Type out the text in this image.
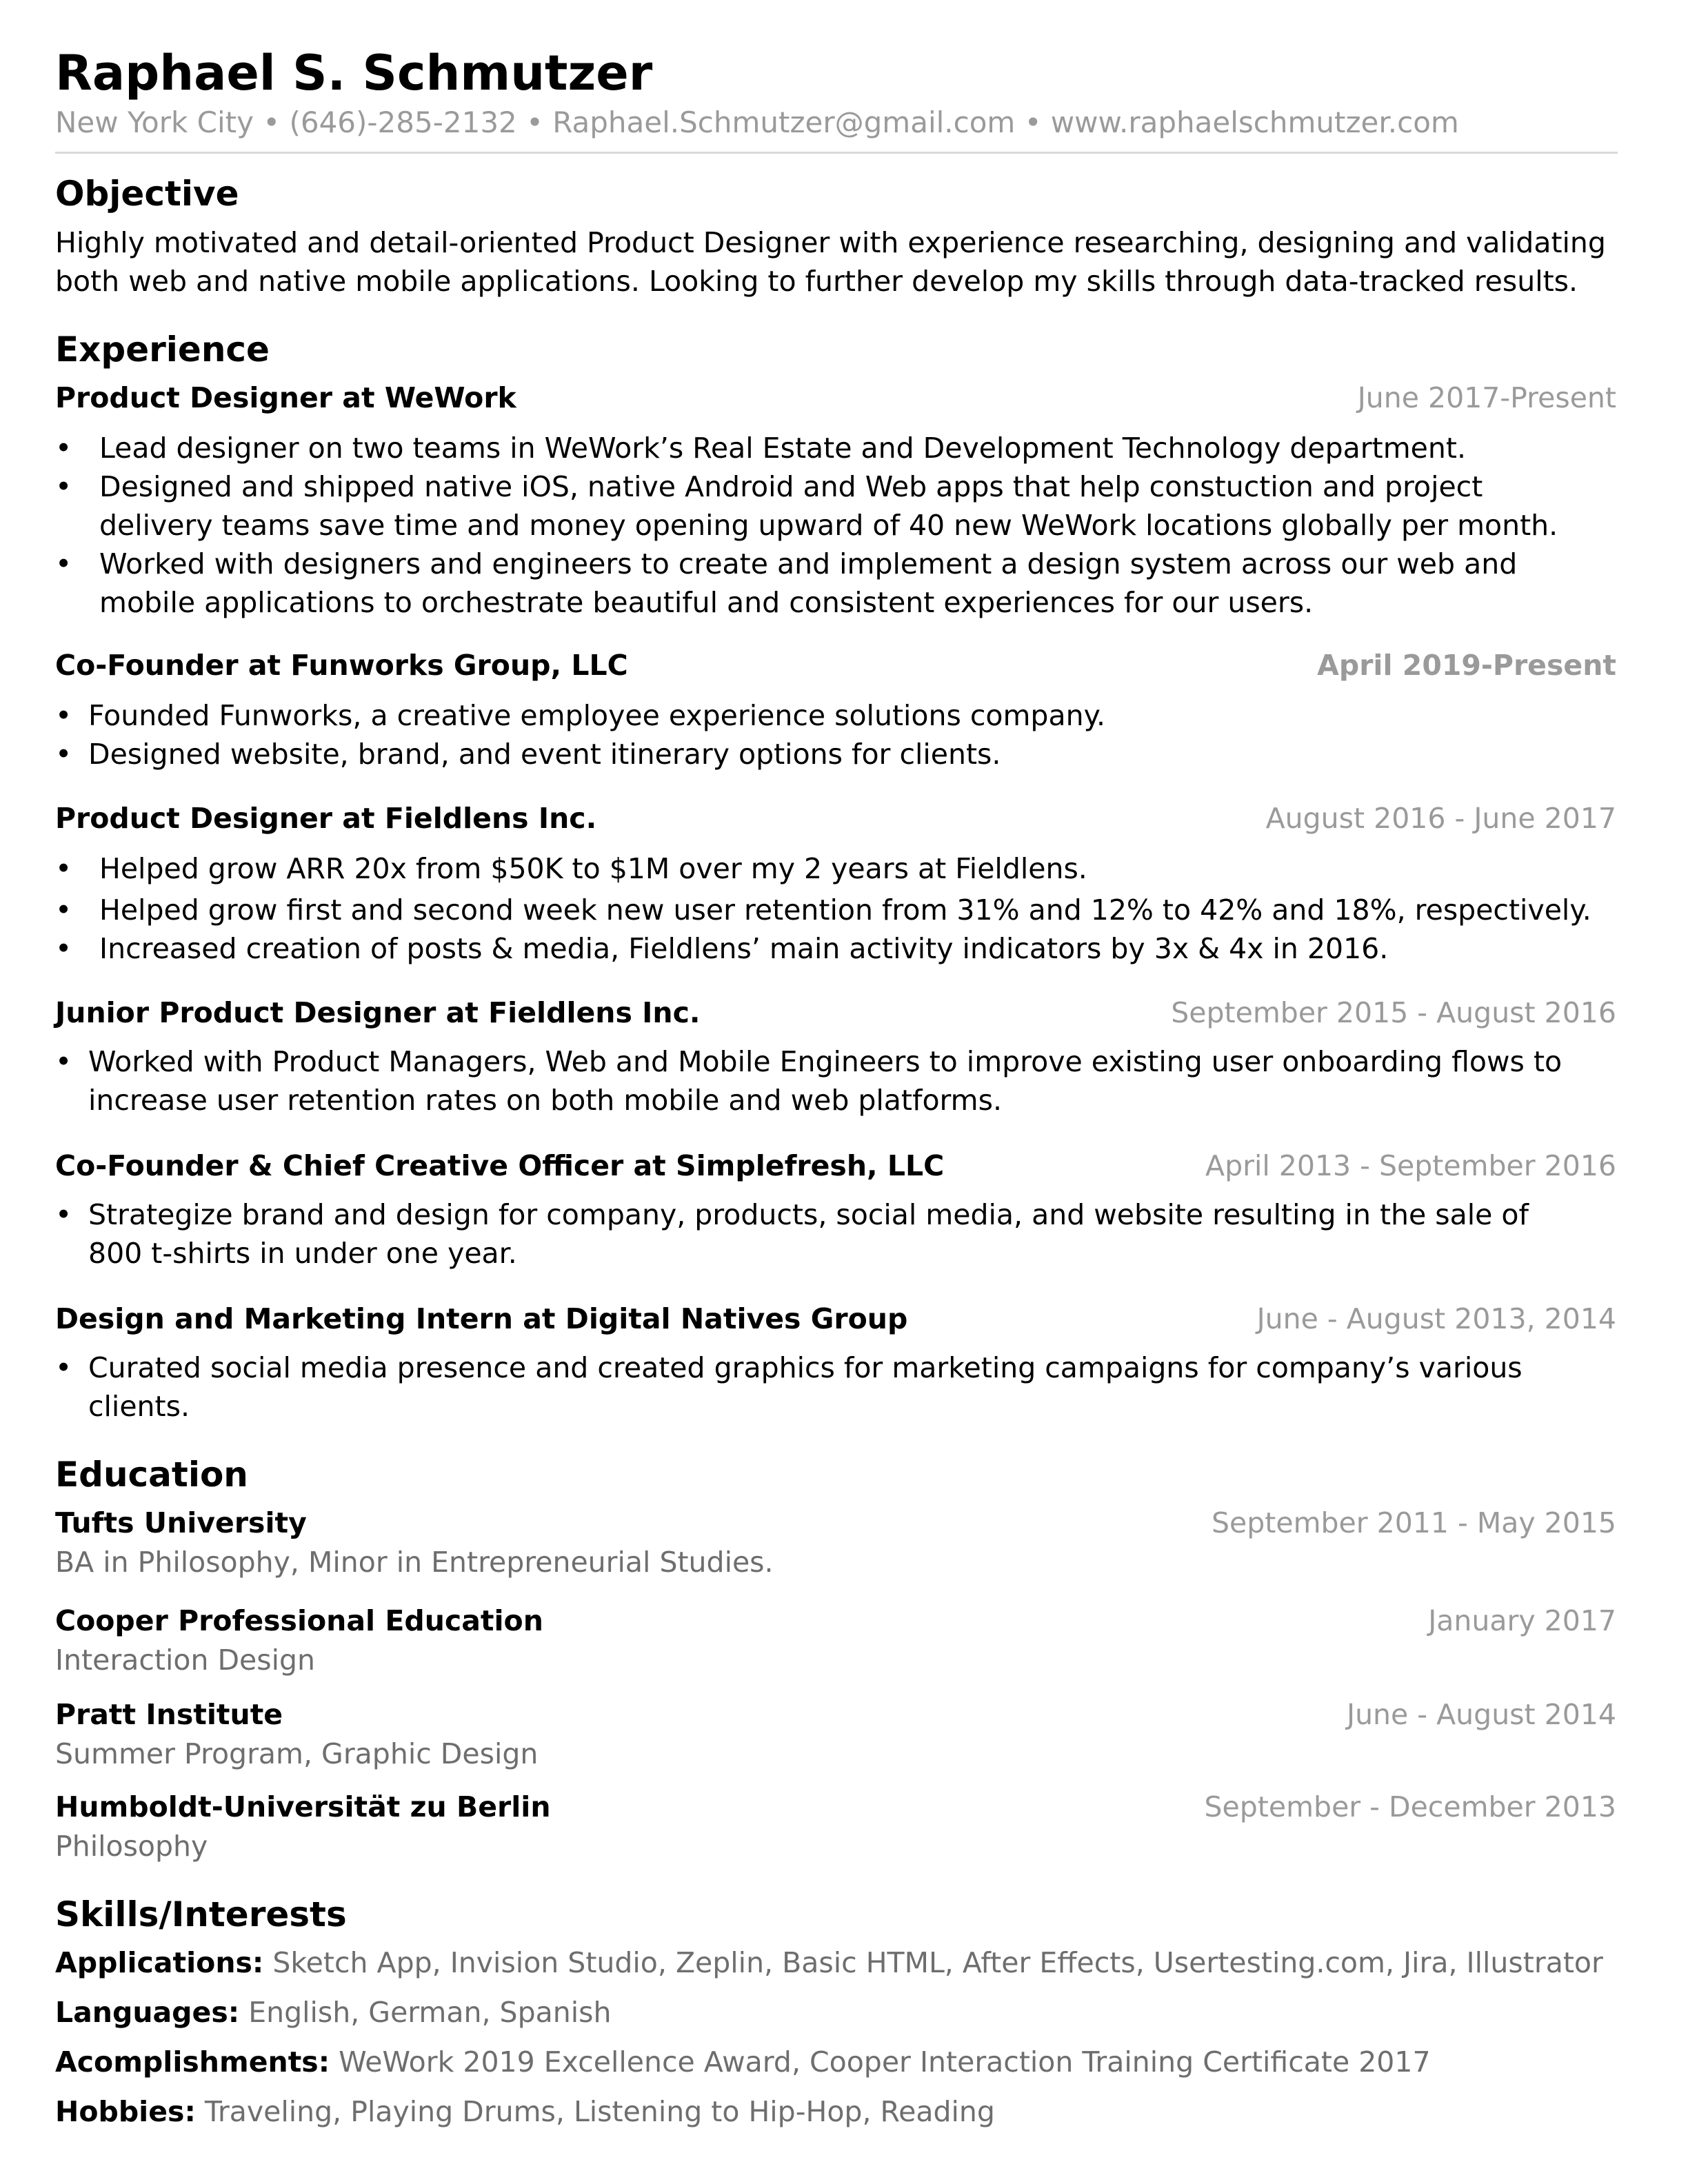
Raphael S. Schmutzer
New York City • (646)-285-2132 • Raphael.Schmutzer@gmail.com • www.raphaelschmutzer.com
Objective
Highly motivated and detail-oriented Product Designer with experience researching, designing and validating
both web and native mobile applications. Looking to further develop my skills through data-tracked results.
Experience
Product Designer at WeWork	June 2017-Present
• Lead designer on two teams in WeWork’s Real Estate and Development Technology department.
• Designed and shipped native iOS, native Android and Web apps that help constuction and project
delivery teams save time and money opening upward of 40 new WeWork locations globally per month.
• Worked with designers and engineers to create and implement a design system across our web and
mobile applications to orchestrate beautiful and consistent experiences for our users.
Co-Founder at Funworks Group, LLC	April 2019-Present
• Founded Funworks, a creative employee experience solutions company.
• Designed website, brand, and event itinerary options for clients.
Product Designer at Fieldlens Inc.	August 2016 - June 2017
• Helped grow ARR 20x from $50K to $1M over my 2 years at Fieldlens.
• Helped grow first and second week new user retention from 31% and 12% to 42% and 18%, respectively.
• Increased creation of posts & media, Fieldlens’ main activity indicators by 3x & 4x in 2016.
Junior Product Designer at Fieldlens Inc.	September 2015 - August 2016
• Worked with Product Managers, Web and Mobile Engineers to improve existing user onboarding flows to
increase user retention rates on both mobile and web platforms.
Co-Founder & Chief Creative Officer at Simplefresh, LLC	April 2013 - September 2016
• Strategize brand and design for company, products, social media, and website resulting in the sale of
800 t-shirts in under one year.
Design and Marketing Intern at Digital Natives Group	June - August 2013, 2014
• Curated social media presence and created graphics for marketing campaigns for company’s various
clients.
Education
Tufts University	September 2011 - May 2015
BA in Philosophy, Minor in Entrepreneurial Studies.
Cooper Professional Education	January 2017
Interaction Design
Pratt Institute	June - August 2014
Summer Program, Graphic Design
Humboldt-Universität zu Berlin	September - December 2013
Philosophy
Skills/Interests
Applications: Sketch App, Invision Studio, Zeplin, Basic HTML, After Effects, Usertesting.com, Jira, Illustrator
Languages: English, German, Spanish
Acomplishments: WeWork 2019 Excellence Award, Cooper Interaction Training Certificate 2017
Hobbies: Traveling, Playing Drums, Listening to Hip-Hop, Reading
